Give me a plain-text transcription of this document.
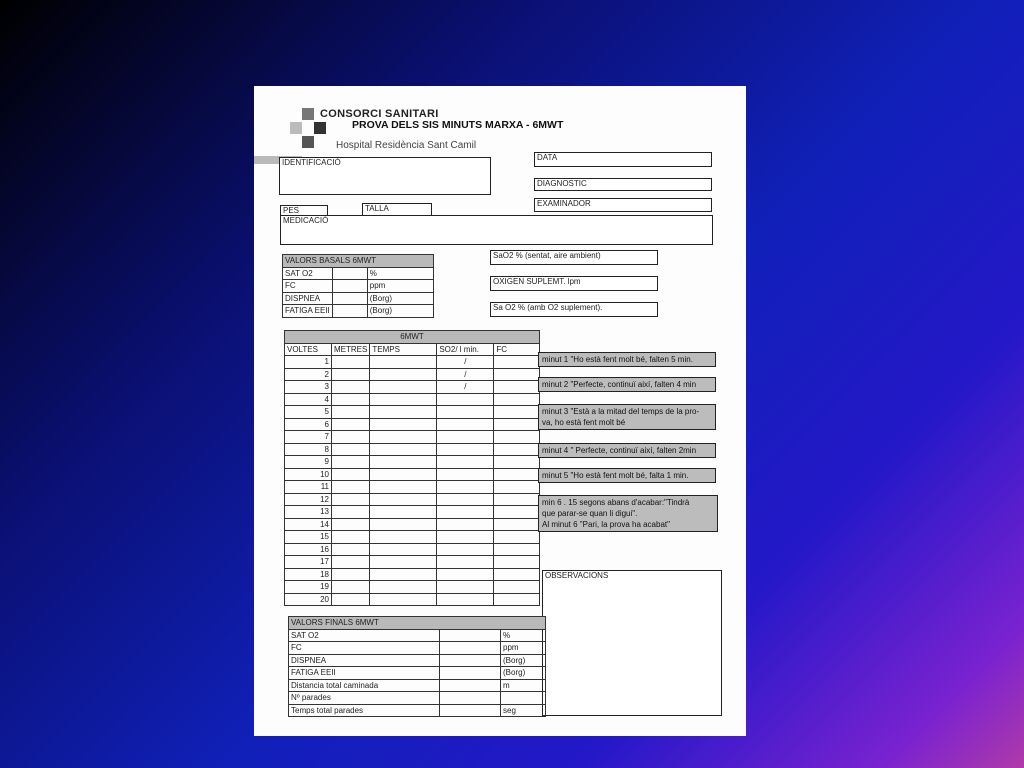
CONSORCI SANITARI
PROVA DELS SIS MINUTS MARXA - 6MWT
Hospital Residència Sant Camil
IDENTIFICACIÓ
DATA
DIAGNOSTIC
EXAMINADOR
PES	TALLA
MEDICACIÓ
VALORS BASALS 6MWT		
SAT O2		%
FC		ppm
DISPNEA		(Borg)
FATIGA EEII		(Borg)
SaO2 % (sentat, aire ambient)
OXIGEN SUPLEMT. lpm
Sa O2 % (amb O2 suplement).
6MWT				
VOLTES	METRES	TEMPS	SO2/ l min.	FC
1			/	
2			/	
3			/	
4				
5				
6				
7				
8				
9				
10				
11				
12				
13				
14				
15				
16				
17				
18				
19				
20				
minut 1 "Ho està fent molt bé, falten 5 min.
minut 2 "Perfecte, continuï així, falten 4 min
minut 3 "Està a la mitad del temps de la pro-
va, ho està fent molt bé
minut 4 " Perfecte, continuï així, falten 2min
minut 5 "Ho està fent molt bé, falta 1 min.
min 6 . 15 segons abans d'acabar:"Tindrà
que parar-se quan li digui".
Al minut 6 "Pari, la prova ha acabat"
OBSERVACIONS
VALORS FINALS 6MWT		
SAT O2		%
FC		ppm
DISPNEA		(Borg)
FATIGA EEII		(Borg)
Distancia total caminada		m
Nº parades		
Temps total parades		seg
